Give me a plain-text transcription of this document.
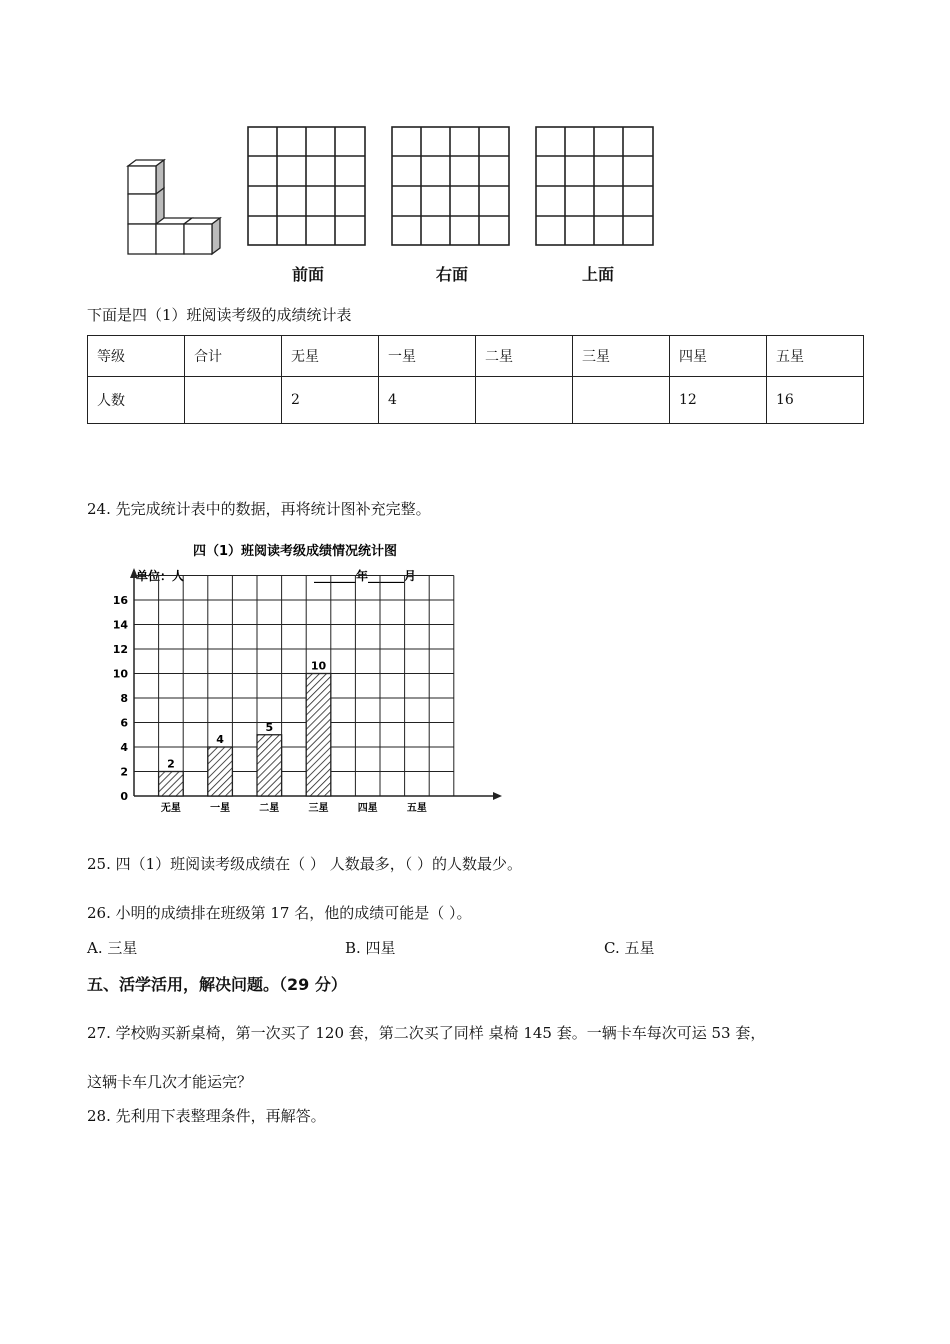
前面	右面	上面
下面是四（1）班阅读考级的成绩统计表
等级	合计	无星	一星	二星	三星	四星	五星
人数		2	4			12	16
24. 先完成统计表中的数据，再将统计图补充完整。
四（1）班阅读考级成绩情况统计图
单位：人	_______年______月
0
2
4
6
8
10
12
14
16
无星
2
一星
4
二星
5
三星
10
四星	五星
25. 四（1）班阅读考级成绩在（ ） 人数最多，（ ）的人数最少。
26. 小明的成绩排在班级第 17 名，他的成绩可能是（ ）。
A. 三星	B. 四星	C. 五星
五、活学活用，解决问题。（29 分）
27. 学校购买新桌椅，第一次买了 120 套，第二次买了同样 桌椅 145 套。一辆卡车每次可运 53 套，
这辆卡车几次才能运完？
28. 先利用下表整理条件，再解答。
